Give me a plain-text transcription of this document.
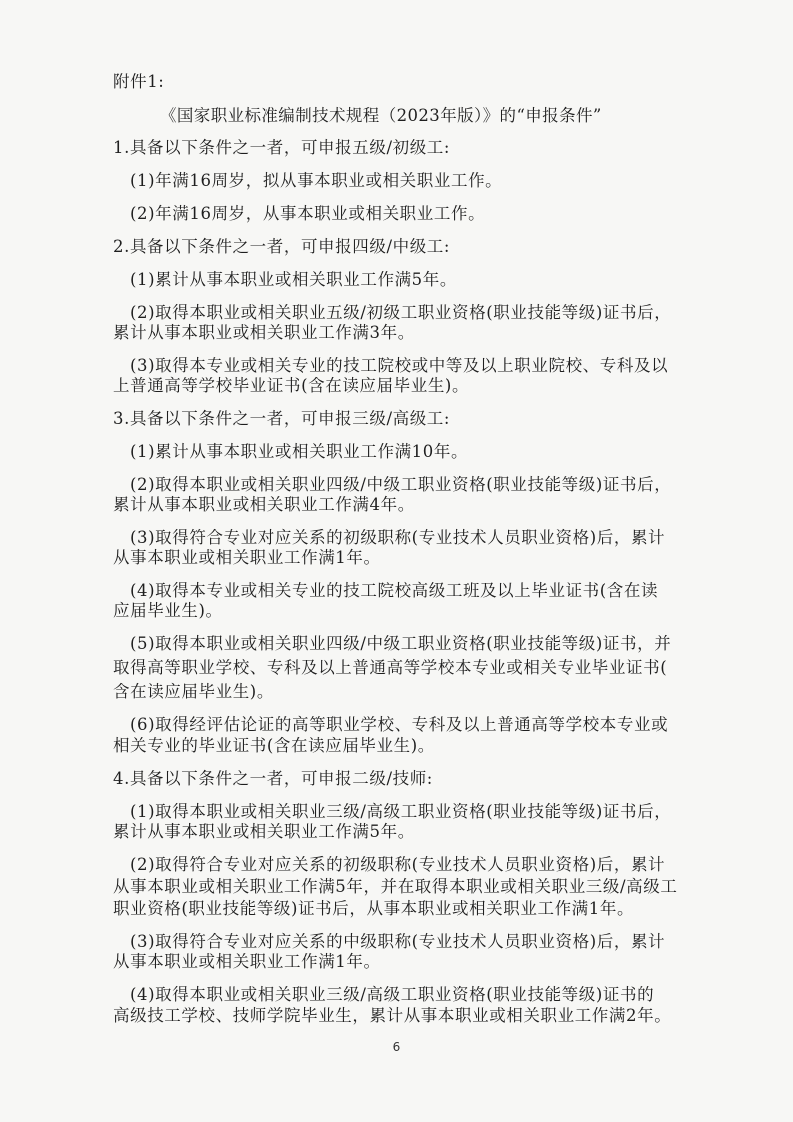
附件1:
《国家职业标准编制技术规程（2023年版）》的“申报条件”
1.具备以下条件之一者，可申报五级/初级工:
(1)年满16周岁，拟从事本职业或相关职业工作。
(2)年满16周岁，从事本职业或相关职业工作。
2.具备以下条件之一者，可申报四级/中级工:
(1)累计从事本职业或相关职业工作满5年。
(2)取得本职业或相关职业五级/初级工职业资格(职业技能等级)证书后，
累计从事本职业或相关职业工作满3年。
(3)取得本专业或相关专业的技工院校或中等及以上职业院校、专科及以
上普通高等学校毕业证书(含在读应届毕业生)。
3.具备以下条件之一者，可申报三级/高级工:
(1)累计从事本职业或相关职业工作满10年。
(2)取得本职业或相关职业四级/中级工职业资格(职业技能等级)证书后，
累计从事本职业或相关职业工作满4年。
(3)取得符合专业对应关系的初级职称(专业技术人员职业资格)后，累计
从事本职业或相关职业工作满1年。
(4)取得本专业或相关专业的技工院校高级工班及以上毕业证书(含在读
应届毕业生)。
(5)取得本职业或相关职业四级/中级工职业资格(职业技能等级)证书，并
取得高等职业学校、专科及以上普通高等学校本专业或相关专业毕业证书(
含在读应届毕业生)。
(6)取得经评估论证的高等职业学校、专科及以上普通高等学校本专业或
相关专业的毕业证书(含在读应届毕业生)。
4.具备以下条件之一者，可申报二级/技师:
(1)取得本职业或相关职业三级/高级工职业资格(职业技能等级)证书后，
累计从事本职业或相关职业工作满5年。
(2)取得符合专业对应关系的初级职称(专业技术人员职业资格)后，累计
从事本职业或相关职业工作满5年，并在取得本职业或相关职业三级/高级工
职业资格(职业技能等级)证书后，从事本职业或相关职业工作满1年。
(3)取得符合专业对应关系的中级职称(专业技术人员职业资格)后，累计
从事本职业或相关职业工作满1年。
(4)取得本职业或相关职业三级/高级工职业资格(职业技能等级)证书的
高级技工学校、技师学院毕业生，累计从事本职业或相关职业工作满2年。
6
